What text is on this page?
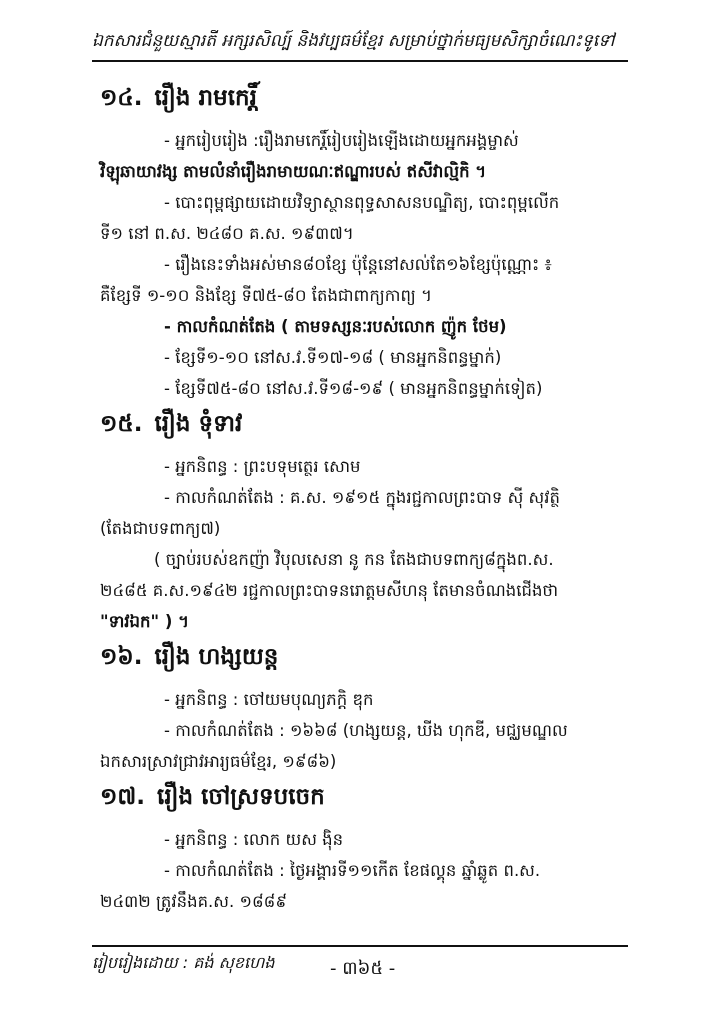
ឯកសារជំនួយស្មារតី អក្សរសិល្ប៍ និងវប្បធម៌ខ្មែរ សម្រាប់ថ្នាក់មធ្យមសិក្សាចំណេះទូទៅ
១៤. រឿង រាមកេរ្តិ៍
- អ្នករៀបរៀង :រឿងរាមកេរ្តិ៍រៀបរៀងឡើងដោយអ្នកអង្គម្ចាស់
វិឡុឆាយាវង្ស តាមលំនាំរឿងរាមាយណៈឥណ្ឌារបស់ ឥសីវាល្មិកិ ។
- បោះពុម្ពផ្សាយដោយវិទ្យាស្ថានពុទ្ធសាសនបណ្ឌិត្យ, បោះពុម្ពលើក
ទី១ នៅ ព.ស. ២៤៨០ គ.ស. ១៩៣៧។
- រឿងនេះទាំងអស់មាន៨០ខ្សែ ប៉ុន្តែនៅសល់តែ១៦ខ្សែប៉ុណ្ណោះ ៖
គឺខ្សែទី ១-១០ និងខ្សែ ទី៧៥-៨០ តែងជាពាក្យកាព្យ ។
- កាលកំណត់តែង ( តាមទស្សនៈរបស់លោក ញ៉ូក ថែម)
- ខ្សែទី១-១០ នៅស.វ.ទី១៧-១៨ ( មានអ្នកនិពន្ធម្នាក់)
- ខ្សែទី៧៥-៨០ នៅស.វ.ទី១៨-១៩ ( មានអ្នកនិពន្ធម្នាក់ទៀត)
១៥. រឿង ទុំទាវ
- អ្នកនិពន្ធ : ព្រះបទុមត្ថេរ សោម
- កាលកំណត់តែង : គ.ស. ១៩១៥ ក្នុងរជ្ជកាលព្រះបាទ ស៊ី សុវត្ថិ
(តែងជាបទពាក្យ៧)
( ច្បាប់របស់ឧកញ៉ា វិបុលសេនា នូ កន តែងជាបទពាក្យ៨ក្នុងព.ស.
២៤៨៥ គ.ស.១៩៤២ រជ្ជកាលព្រះបាទនរោត្តមសីហនុ តែមានចំណងជើងថា
"ទាវឯក" ) ។
១៦. រឿង ហង្សយន្ត
- អ្នកនិពន្ធ : ចៅយមបុណ្យភក្តិ ឌុក
- កាលកំណត់តែង : ១៦៦៨ (ហង្សយន្ត, ឃីង ហុកឌី, មជ្ឈមណ្ឌល
ឯកសារស្រាវជ្រាវអារ្យធម៌ខ្មែរ, ១៩៨៦)
១៧. រឿង ចៅស្រទបចេក
- អ្នកនិពន្ធ : លោក យស ង៉ិន
- កាលកំណត់តែង : ថ្ងៃអង្គារទី១១កើត ខែផល្គុន ឆ្នាំឆ្លូត ព.ស.
២៤៣២ ត្រូវនឹងគ.ស. ១៨៨៩
រៀបរៀងដោយ : គង់ សុខហេង	- ៣៦៥ -
